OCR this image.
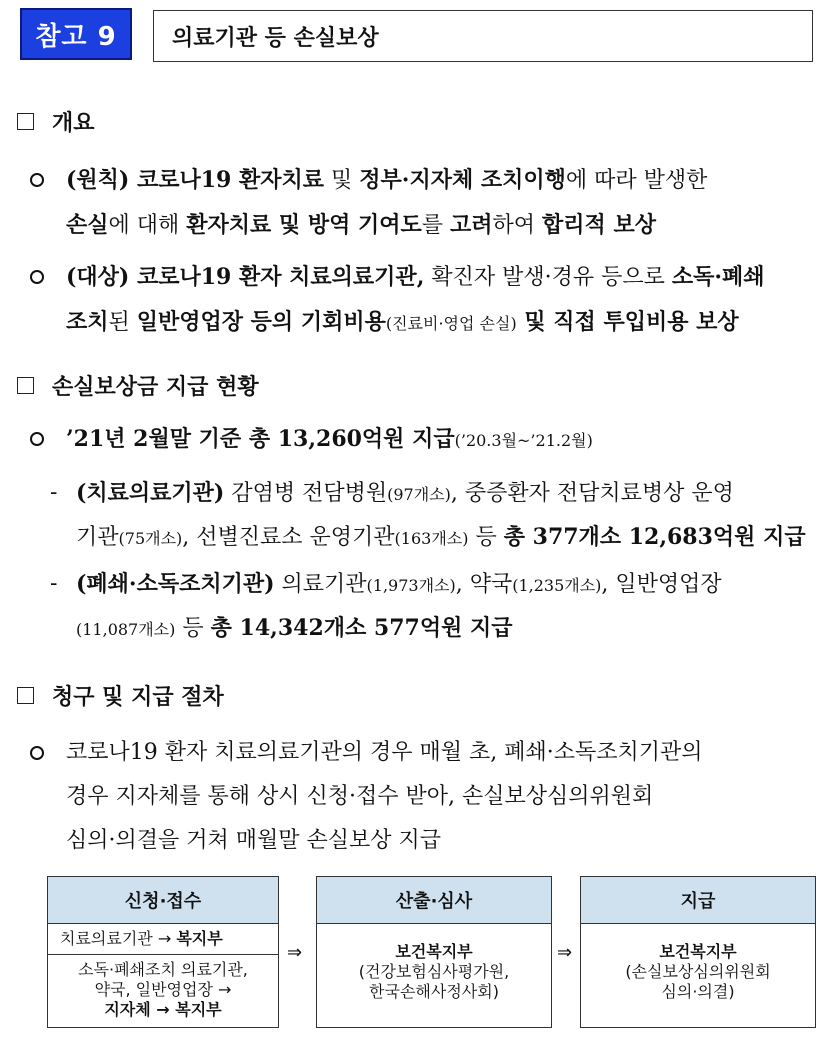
참고 9	의료기관 등 손실보상
개요
(원칙) 코로나19 환자치료 및 정부·지자체 조치이행에 따라 발생한
손실에 대해 환자치료 및 방역 기여도를 고려하여 합리적 보상
(대상) 코로나19 환자 치료의료기관, 확진자 발생·경유 등으로 소독·폐쇄
조치된 일반영업장 등의 기회비용(진료비·영업 손실) 및 직접 투입비용 보상
손실보상금 지급 현황
’21년 2월말 기준 총 13,260억원 지급(’20.3월~’21.2월)
- (치료의료기관) 감염병 전담병원(97개소), 중증환자 전담치료병상 운영
기관(75개소), 선별진료소 운영기관(163개소) 등 총 377개소 12,683억원 지급
- (폐쇄·소독조치기관) 의료기관(1,973개소), 약국(1,235개소), 일반영업장
(11,087개소) 등 총 14,342개소 577억원 지급
청구 및 지급 절차
코로나19 환자 치료의료기관의 경우 매월 초, 폐쇄·소독조치기관의
경우 지자체를 통해 상시 신청·접수 받아, 손실보상심의위원회
심의·의결을 거쳐 매월말 손실보상 지급
신청·접수
치료의료기관 → 복지부
소독·폐쇄조치 의료기관,
약국, 일반영업장 →
지자체 → 복지부
⇒
산출·심사
보건복지부
(건강보험심사평가원,
한국손해사정사회)
⇒
지급
보건복지부
(손실보상심의위원회
심의·의결)
